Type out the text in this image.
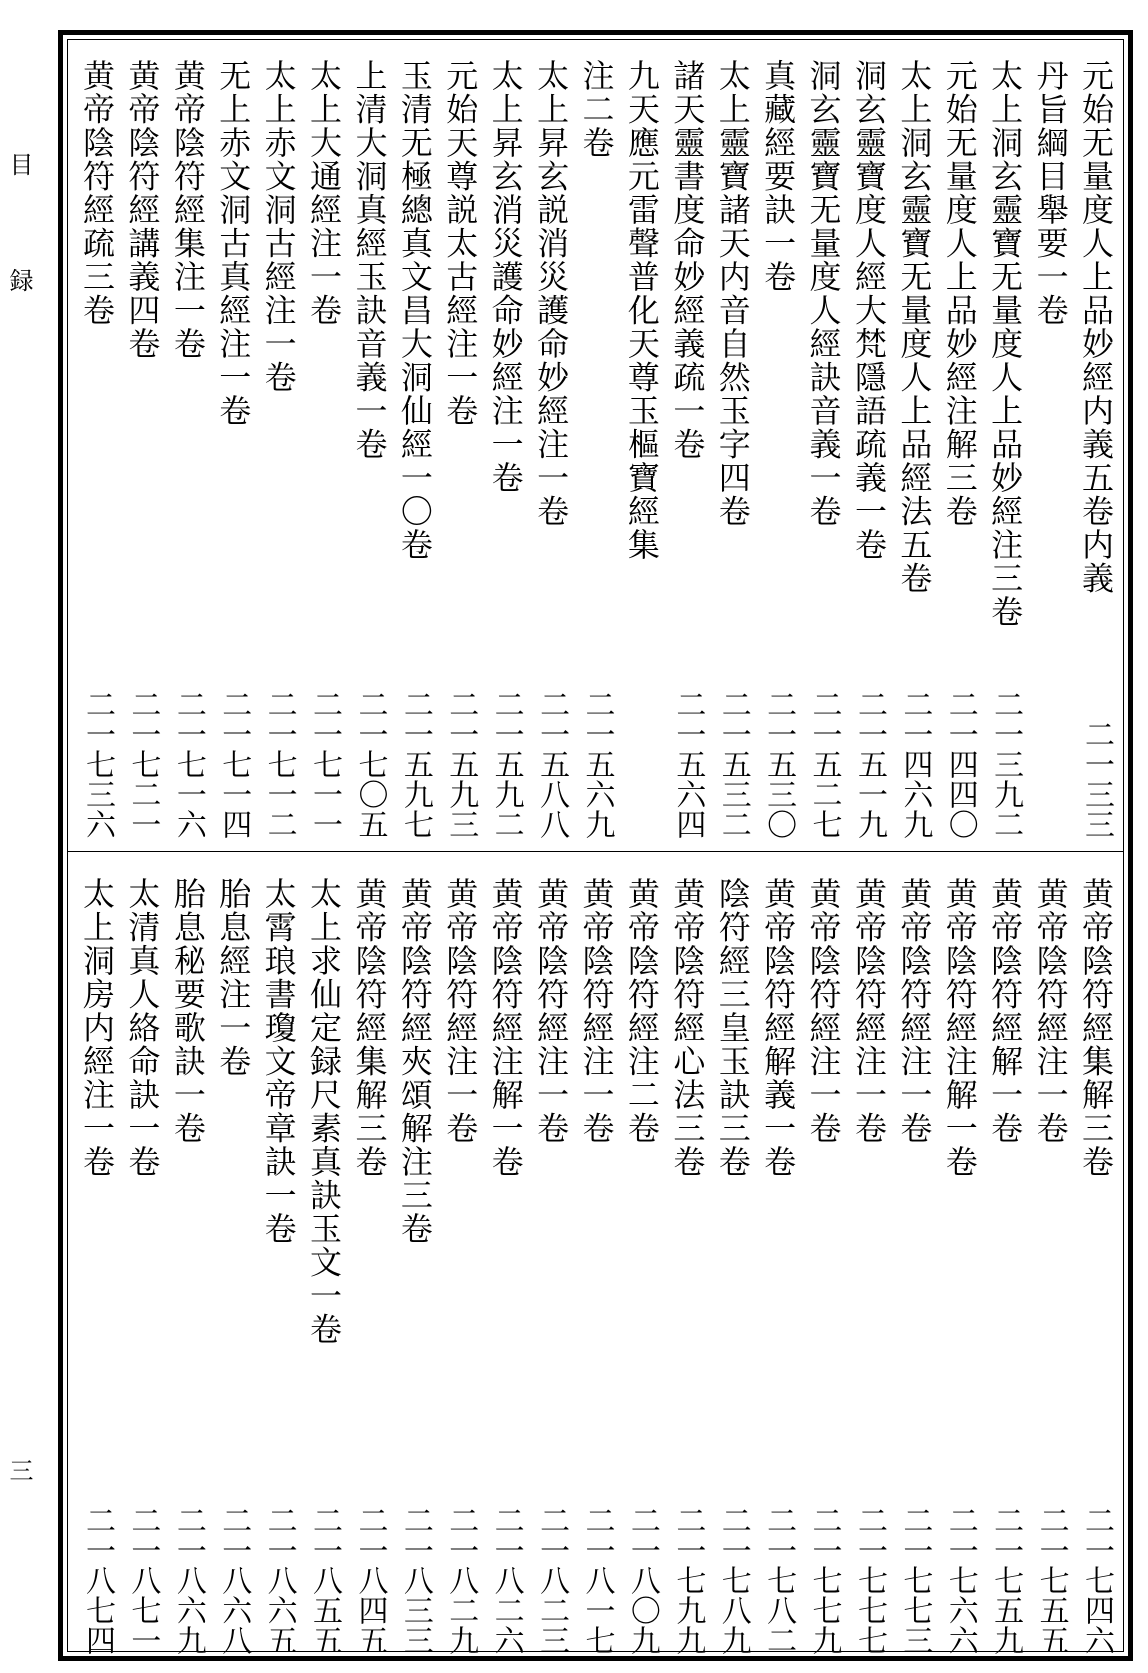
目
録
三
元始无量度人上品妙經内義五卷内義
二一三三
丹旨綱目舉要一卷
太上洞玄靈寶无量度人上品妙經注三卷
二一三九二
元始无量度人上品妙經注解三卷
二一四四〇
太上洞玄靈寶无量度人上品經法五卷
二一四六九
洞玄靈寶度人經大梵隱語疏義一卷
二一五一九
洞玄靈寶无量度人經訣音義一卷
二一五二七
真藏經要訣一卷
二一五三〇
太上靈寶諸天内音自然玉字四卷
二一五三二
諸天靈書度命妙經義疏一卷
二一五六四
九天應元雷聲普化天尊玉樞寶經集
注二卷
二一五六九
太上昇玄説消災護命妙經注一卷
二一五八八
太上昇玄消災護命妙經注一卷
二一五九二
元始天尊説太古經注一卷
二一五九三
玉清无極總真文昌大洞仙經一〇卷
二一五九七
上清大洞真經玉訣音義一卷
二一七〇五
太上大通經注一卷
二一七一一
太上赤文洞古經注一卷
二一七一二
无上赤文洞古真經注一卷
二一七一四
黄帝陰符經集注一卷
二一七一六
黄帝陰符經講義四卷
二一七二一
黄帝陰符經疏三卷
二一七三六
黄帝陰符經集解三卷
二一七四六
黄帝陰符經注一卷
二一七五五
黄帝陰符經解一卷
二一七五九
黄帝陰符經注解一卷
二一七六六
黄帝陰符經注一卷
二一七七三
黄帝陰符經注一卷
二一七七七
黄帝陰符經注一卷
二一七七九
黄帝陰符經解義一卷
二一七八二
陰符經三皇玉訣三卷
二一七八九
黄帝陰符經心法三卷
二一七九九
黄帝陰符經注二卷
二一八〇九
黄帝陰符經注一卷
二一八一七
黄帝陰符經注一卷
二一八二三
黄帝陰符經注解一卷
二一八二六
黄帝陰符經注一卷
二一八二九
黄帝陰符經夾頌解注三卷
二一八三三
黄帝陰符經集解三卷
二一八四五
太上求仙定録尺素真訣玉文一卷
二一八五五
太霄琅書瓊文帝章訣一卷
二一八六五
胎息經注一卷
二一八六八
胎息秘要歌訣一卷
二一八六九
太清真人絡命訣一卷
二一八七一
太上洞房内經注一卷
二一八七四
